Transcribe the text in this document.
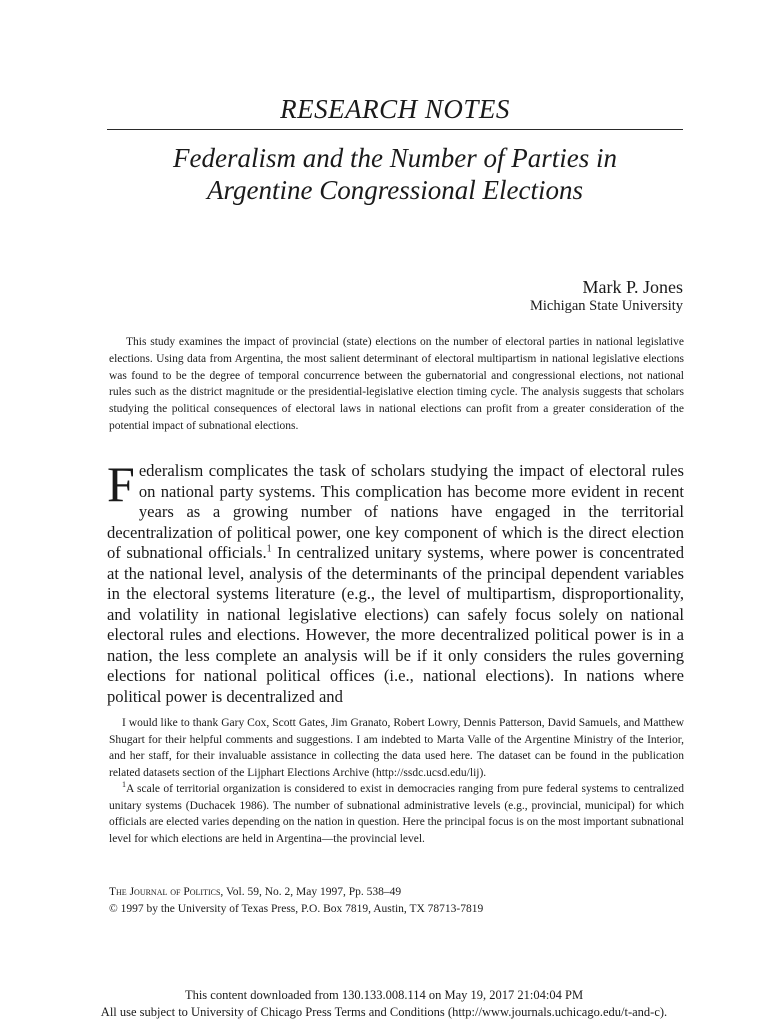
RESEARCH NOTES
Federalism and the Number of Parties in
Argentine Congressional Elections
Mark P. Jones
Michigan State University

This study examines the impact of provincial (state) elections on the number of electoral parties in national legislative elections. Using data from Argentina, the most salient determinant of electoral multipartism in national legislative elections was found to be the degree of temporal concurrence between the gubernatorial and congressional elections, not national rules such as the district magnitude or the presidential-legislative election timing cycle. The analysis suggests that scholars studying the political consequences of electoral laws in national elections can profit from a greater consideration of the potential impact of subnational elections.

Federalism complicates the task of scholars studying the impact of electoral rules on national party systems. This complication has become more evident in recent years as a growing number of nations have engaged in the territorial decentralization of political power, one key component of which is the direct election of subnational officials.$^1$ In centralized unitary systems, where power is concentrated at the national level, analysis of the determinants of the principal dependent variables in the electoral systems literature (e.g., the level of multipartism, disproportionality, and volatility in national legislative elections) can safely focus solely on national electoral rules and elections. However, the more decentralized political power is in a nation, the less complete an analysis will be if it only considers the rules governing elections for national political offices (i.e., national elections). In nations where political power is decentralized and

I would like to thank Gary Cox, Scott Gates, Jim Granato, Robert Lowry, Dennis Patterson, David Samuels, and Matthew Shugart for their helpful comments and suggestions. I am indebted to Marta Valle of the Argentine Ministry of the Interior, and her staff, for their invaluable assistance in collecting the data used here. The dataset can be found in the publication related datasets section of the Lijphart Elections Archive (http://ssdc.ucsd.edu/lij).

$^1$A scale of territorial organization is considered to exist in democracies ranging from pure federal systems to centralized unitary systems (Duchacek 1986). The number of subnational administrative levels (e.g., provincial, municipal) for which officials are elected varies depending on the nation in question. Here the principal focus is on the most important subnational level for which elections are held in Argentina—the provincial level.

The Journal of Politics, Vol. 59, No. 2, May 1997, Pp. 538–49
© 1997 by the University of Texas Press, P.O. Box 7819, Austin, TX 78713-7819
This content downloaded from 130.133.008.114 on May 19, 2017 21:04:04 PM
All use subject to University of Chicago Press Terms and Conditions (http://www.journals.uchicago.edu/t-and-c).
